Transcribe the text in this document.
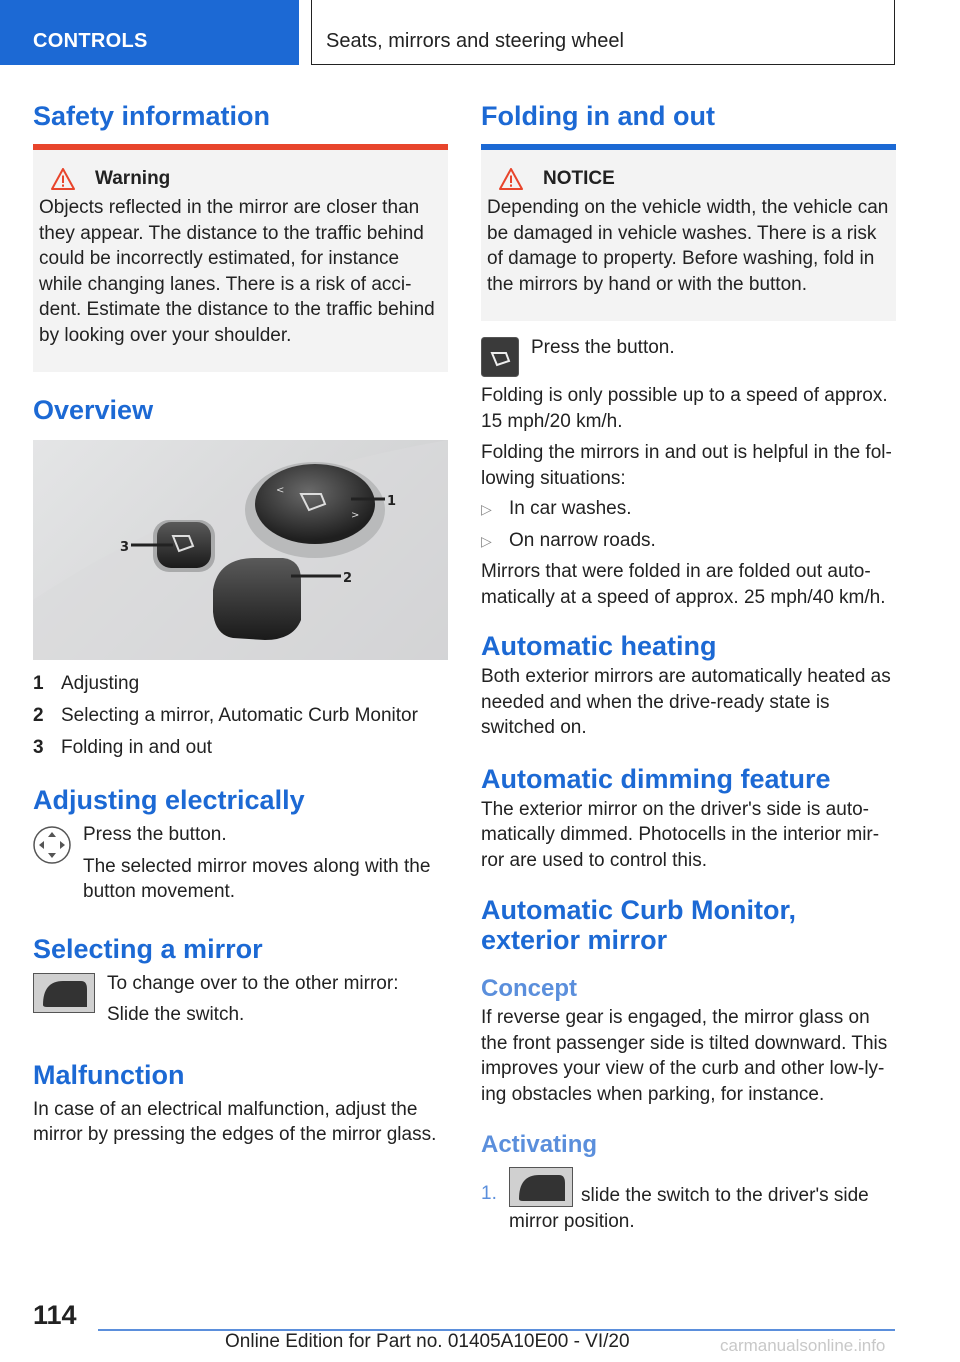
CONTROLS	Seats, mirrors and steering wheel
Safety information
Warning

Objects reflected in the mirror are closer than they appear. The distance to the traffic behind could be incorrectly estimated, for instance while changing lanes. There is a risk of acci-dent. Estimate the distance to the traffic behind by looking over your shoulder.

Overview
<
>
1
2
3
1 Adjusting
2 Selecting a mirror, Automatic Curb Monitor
3 Folding in and out
Adjusting electrically

Press the button.

The selected mirror moves along with the button movement.

Selecting a mirror

To change over to the other mirror:

Slide the switch.

Malfunction

In case of an electrical malfunction, adjust the mirror by pressing the edges of the mirror glass.

Folding in and out
NOTICE

Depending on the vehicle width, the vehicle can be damaged in vehicle washes. There is a risk of damage to property. Before washing, fold in the mirrors by hand or with the button.

Press the button.

Folding is only possible up to a speed of approx. 15 mph/20 km/h.

Folding the mirrors in and out is helpful in the fol-lowing situations:

▷ In car washes.
▷ On narrow roads.

Mirrors that were folded in are folded out auto-matically at a speed of approx. 25 mph/40 km/h.

Automatic heating

Both exterior mirrors are automatically heated as needed and when the drive-ready state is switched on.

Automatic dimming feature

The exterior mirror on the driver's side is auto-matically dimmed. Photocells in the interior mir-ror are used to control this.

Automatic Curb Monitor, exterior mirror
Concept

If reverse gear is engaged, the mirror glass on the front passenger side is tilted downward. This improves your view of the curb and other low-ly-ing obstacles when parking, for instance.

Activating
1.	slide the switch to the driver's side mirror position.

114
Online Edition for Part no. 01405A10E00 - VI/20	carmanualsonline.info
